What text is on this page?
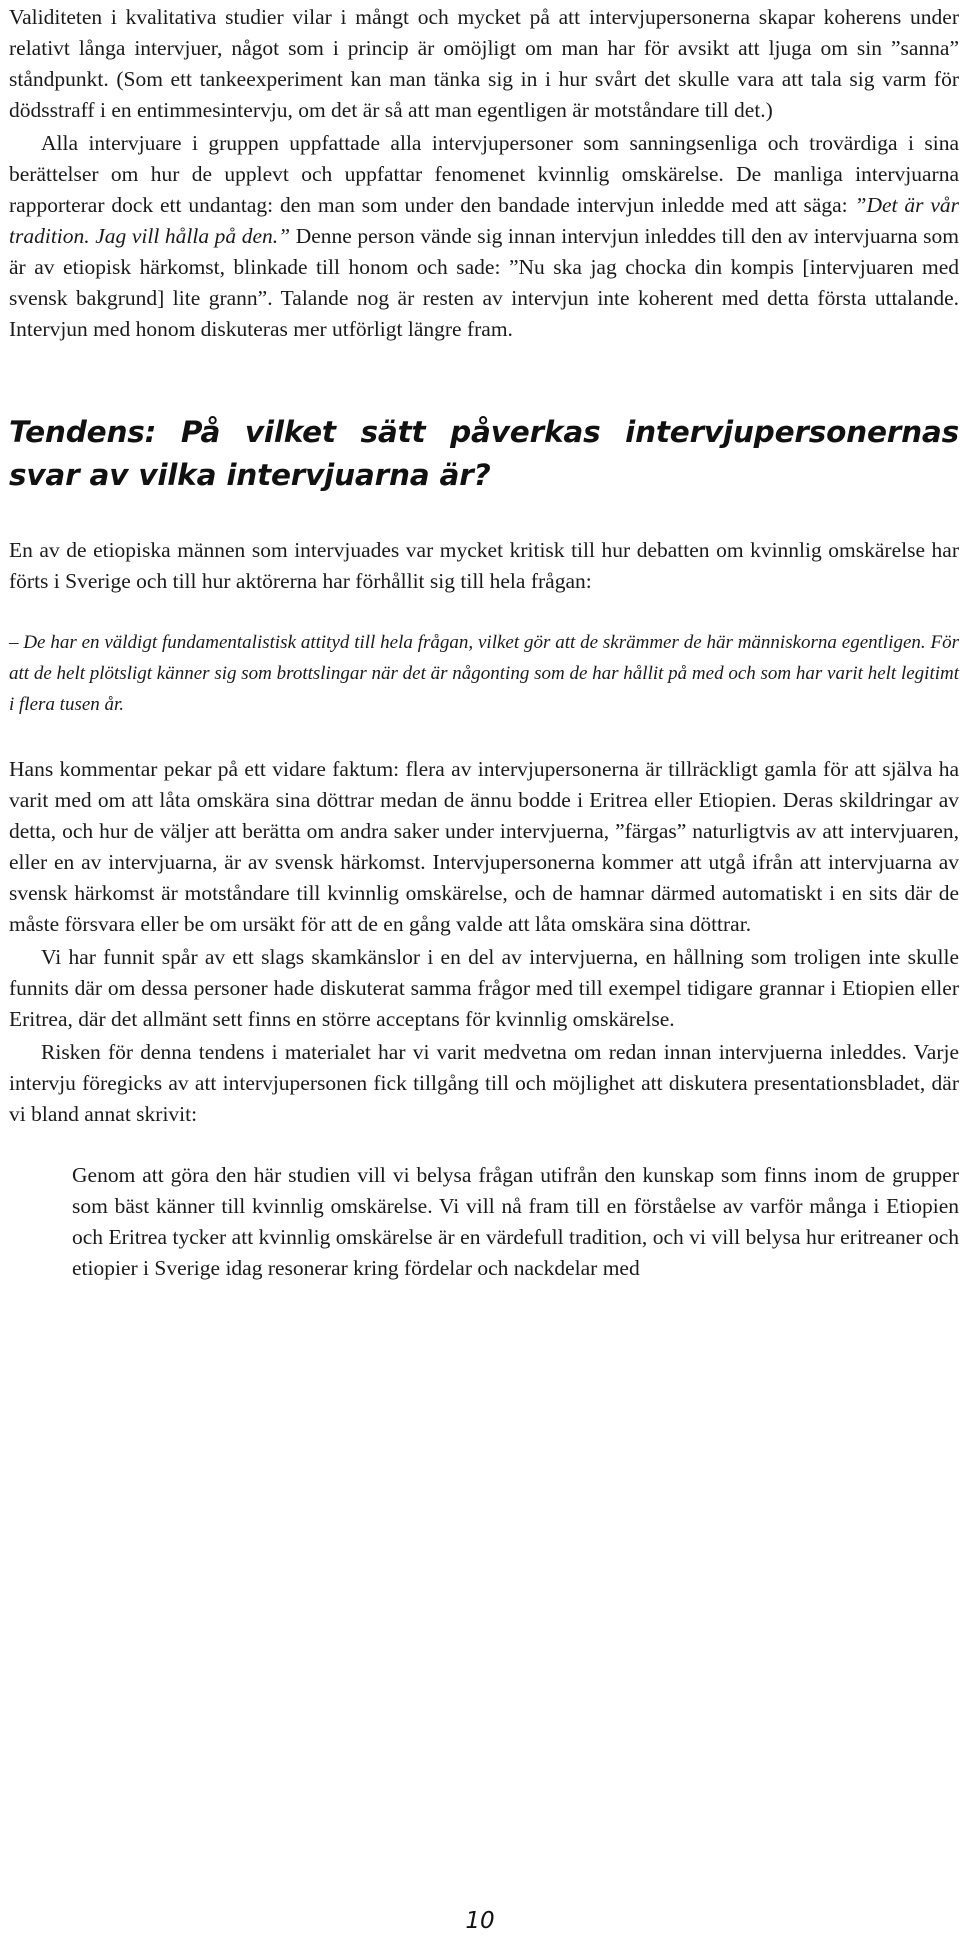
Validiteten i kvalitativa studier vilar i mångt och mycket på att intervjupersonerna skapar koherens under relativt långa intervjuer, något som i princip är omöjligt om man har för avsikt att ljuga om sin ”sanna” ståndpunkt. (Som ett tankeexperiment kan man tänka sig in i hur svårt det skulle vara att tala sig varm för dödsstraff i en entimmesintervju, om det är så att man egentligen är motståndare till det.)

Alla intervjuare i gruppen uppfattade alla intervjupersoner som sanningsenliga och trovärdiga i sina berättelser om hur de upplevt och uppfattar fenomenet kvinnlig omskärelse. De manliga intervjuarna rapporterar dock ett undantag: den man som under den bandade intervjun inledde med att säga: ”Det är vår tradition. Jag vill hålla på den.” Denne person vände sig innan intervjun inleddes till den av intervjuarna som är av etiopisk härkomst, blinkade till honom och sade: ”Nu ska jag chocka din kompis [intervjuaren med svensk bakgrund] lite grann”. Talande nog är resten av intervjun inte koherent med detta första uttalande. Intervjun med honom diskuteras mer utförligt längre fram.

Tendens: På vilket sätt påverkas intervjupersonernas svar av vilka intervjuarna är?

En av de etiopiska männen som intervjuades var mycket kritisk till hur debatten om kvinnlig omskärelse har förts i Sverige och till hur aktörerna har förhållit sig till hela frågan:

– De har en väldigt fundamentalistisk attityd till hela frågan, vilket gör att de skrämmer de här människorna egentligen. För att de helt plötsligt känner sig som brottslingar när det är någonting som de har hållit på med och som har varit helt legitimt i flera tusen år.

Hans kommentar pekar på ett vidare faktum: flera av intervjupersonerna är tillräckligt gamla för att själva ha varit med om att låta omskära sina döttrar medan de ännu bodde i Eritrea eller Etiopien. Deras skildringar av detta, och hur de väljer att berätta om andra saker under intervjuerna, ”färgas” naturligtvis av att intervjuaren, eller en av intervjuarna, är av svensk härkomst. Intervjupersonerna kommer att utgå ifrån att intervjuarna av svensk härkomst är motståndare till kvinnlig omskärelse, och de hamnar därmed automatiskt i en sits där de måste försvara eller be om ursäkt för att de en gång valde att låta omskära sina döttrar.

Vi har funnit spår av ett slags skamkänslor i en del av intervjuerna, en hållning som troligen inte skulle funnits där om dessa personer hade diskuterat samma frågor med till exempel tidigare grannar i Etiopien eller Eritrea, där det allmänt sett finns en större acceptans för kvinnlig omskärelse.

Risken för denna tendens i materialet har vi varit medvetna om redan innan intervjuerna inleddes. Varje intervju föregicks av att intervjupersonen fick tillgång till och möjlighet att diskutera presentationsbladet, där vi bland annat skrivit:

Genom att göra den här studien vill vi belysa frågan utifrån den kunskap som finns inom de grupper som bäst känner till kvinnlig omskärelse. Vi vill nå fram till en förståelse av varför många i Etiopien och Eritrea tycker att kvinnlig omskärelse är en värdefull tradition, och vi vill belysa hur eritreaner och etiopier i Sverige idag resonerar kring fördelar och nackdelar med

10
